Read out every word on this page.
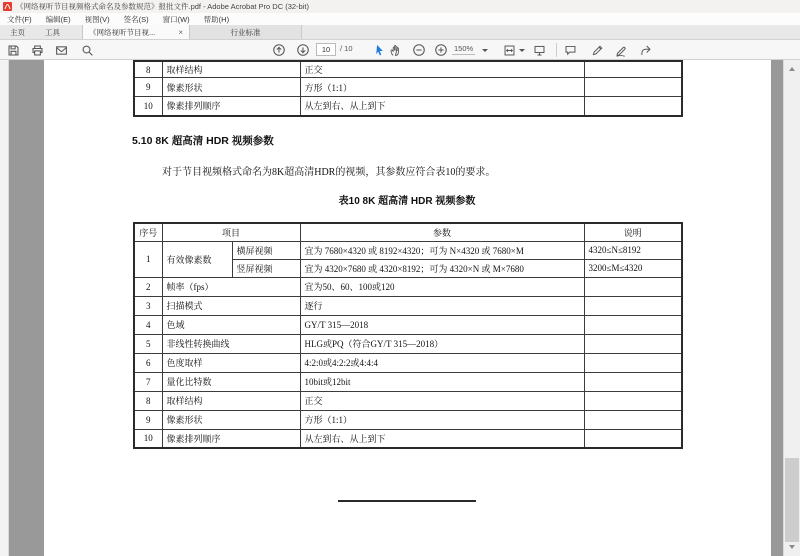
《网络视听节目视频格式命名及参数规范》报批文件.pdf - Adobe Acrobat Pro DC (32-bit)
文件(F)	编辑(E)	视图(V)	签名(S)	窗口(W)	帮助(H)
主页	工具	《网络视听节目视...	×	行业标准
10	/ 10	150%
8	取样结构	正交	
9	像素形状	方形（1:1）	
10	像素排列顺序	从左到右、从上到下	
5.10 8K 超高清 HDR 视频参数
对于节目视频格式命名为8K超高清HDR的视频，其参数应符合表10的要求。
表10 8K 超高清 HDR 视频参数
序号	项目		参数	说明
1	有效像素数	横屏视频	宜为 7680×4320 或 8192×4320；可为 N×4320 或 7680×M	4320≤N≤8192
		竖屏视频	宜为 4320×7680 或 4320×8192；可为 4320×N 或 M×7680	3200≤M≤4320
2	帧率（fps）		宜为50、60、100或120	
3	扫描模式		逐行	
4	色域		GY/T 315—2018	
5	非线性转换曲线		HLG或PQ（符合GY/T 315—2018）	
6	色度取样		4:2:0或4:2:2或4:4:4	
7	量化比特数		10bit或12bit	
8	取样结构		正交	
9	像素形状		方形（1:1）	
10	像素排列顺序		从左到右、从上到下	
